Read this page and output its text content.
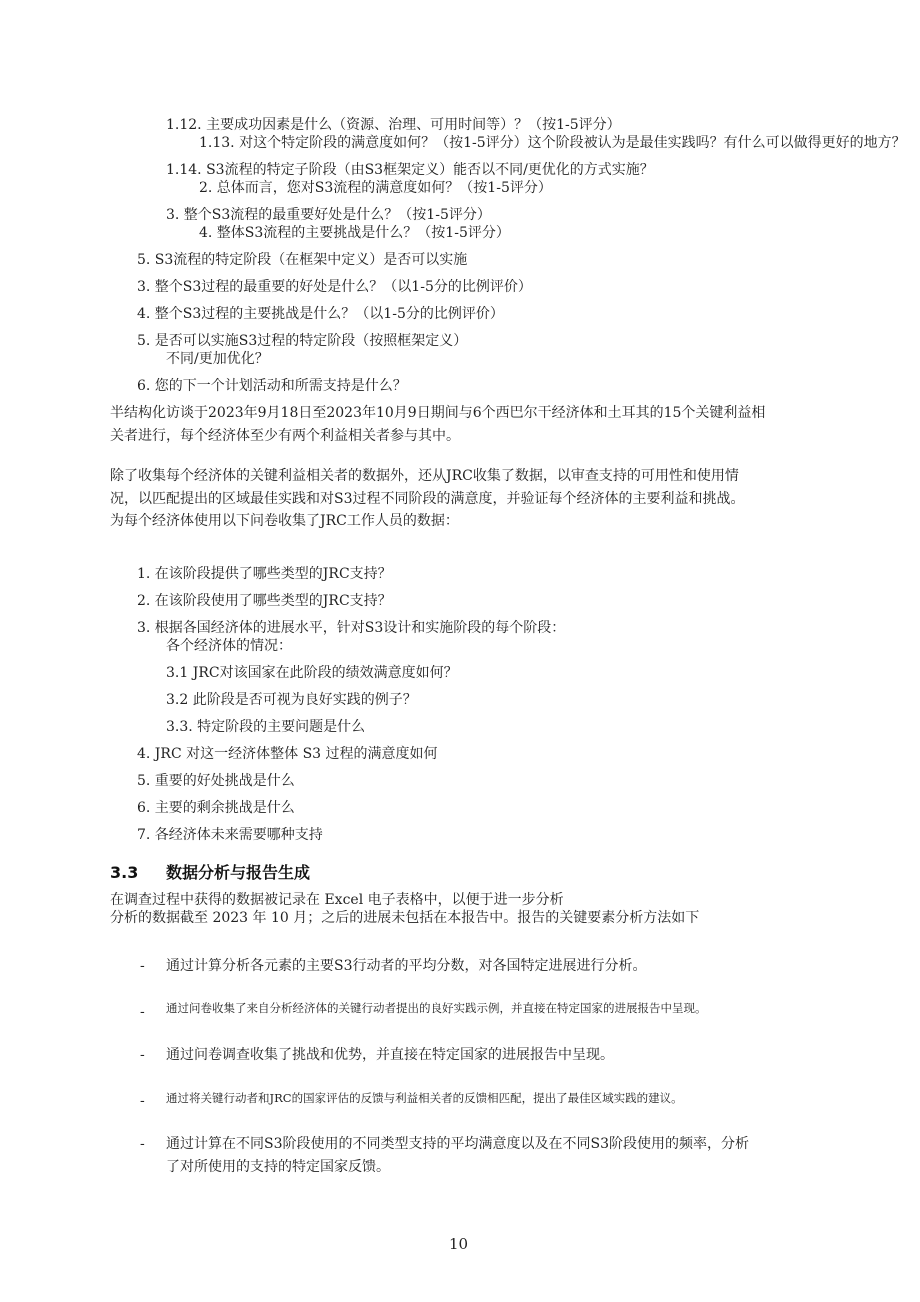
1.12. 主要成功因素是什么（资源、治理、可用时间等）？（按1-5评分）
1.13. 对这个特定阶段的满意度如何？（按1-5评分）这个阶段被认为是最佳实践吗？有什么可以做得更好的地方？
1.14. S3流程的特定子阶段（由S3框架定义）能否以不同/更优化的方式实施？
2. 总体而言，您对S3流程的满意度如何？（按1-5评分）
3. 整个S3流程的最重要好处是什么？（按1-5评分）
4. 整体S3流程的主要挑战是什么？（按1-5评分）
5. S3流程的特定阶段（在框架中定义）是否可以实施
3. 整个S3过程的最重要的好处是什么？（以1-5分的比例评价）
4. 整个S3过程的主要挑战是什么？（以1-5分的比例评价）
5. 是否可以实施S3过程的特定阶段（按照框架定义）
不同/更加优化？
6. 您的下一个计划活动和所需支持是什么？
半结构化访谈于2023年9月18日至2023年10月9日期间与6个西巴尔干经济体和土耳其的15个关键利益相
关者进行，每个经济体至少有两个利益相关者参与其中。
除了收集每个经济体的关键利益相关者的数据外，还从JRC收集了数据，以审查支持的可用性和使用情
况，以匹配提出的区域最佳实践和对S3过程不同阶段的满意度，并验证每个经济体的主要利益和挑战。
为每个经济体使用以下问卷收集了JRC工作人员的数据：
1. 在该阶段提供了哪些类型的JRC支持？
2. 在该阶段使用了哪些类型的JRC支持？
3. 根据各国经济体的进展水平，针对S3设计和实施阶段的每个阶段：
各个经济体的情况：
3.1 JRC对该国家在此阶段的绩效满意度如何？
3.2 此阶段是否可视为良好实践的例子？
3.3. 特定阶段的主要问题是什么
4. JRC 对这一经济体整体 S3 过程的满意度如何
5. 重要的好处挑战是什么
6. 主要的剩余挑战是什么
7. 各经济体未来需要哪种支持
3.3 数据分析与报告生成
在调查过程中获得的数据被记录在 Excel 电子表格中，以便于进一步分析
分析的数据截至 2023 年 10 月；之后的进展未包括在本报告中。报告的关键要素分析方法如下
- 通过计算分析各元素的主要S3行动者的平均分数，对各国特定进展进行分析。
- 通过问卷收集了来自分析经济体的关键行动者提出的良好实践示例，并直接在特定国家的进展报告中呈现。
- 通过问卷调查收集了挑战和优势，并直接在特定国家的进展报告中呈现。
- 通过将关键行动者和JRC的国家评估的反馈与利益相关者的反馈相匹配，提出了最佳区域实践的建议。
- 通过计算在不同S3阶段使用的不同类型支持的平均满意度以及在不同S3阶段使用的频率，分析
了对所使用的支持的特定国家反馈。
10
